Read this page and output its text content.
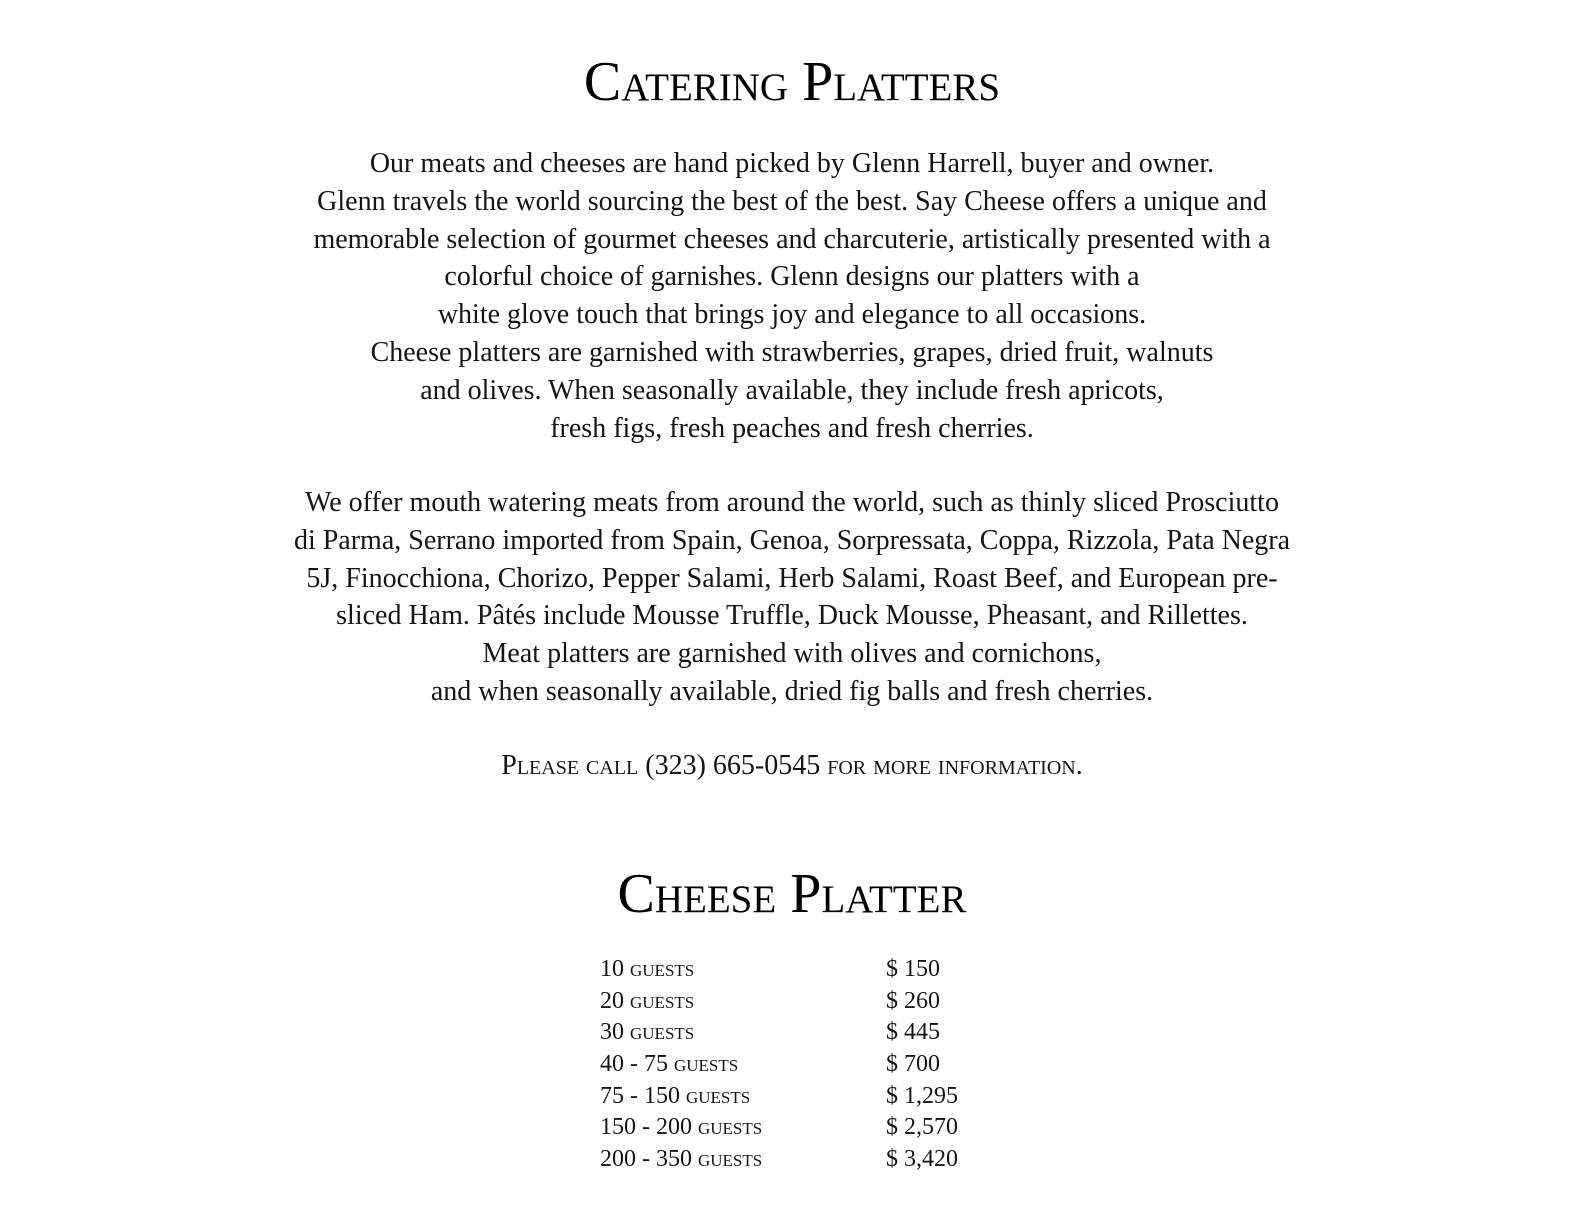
Catering Platters

Our meats and cheeses are hand picked by Glenn Harrell, buyer and owner.
Glenn travels the world sourcing the best of the best. Say Cheese offers a unique and
memorable selection of gourmet cheeses and charcuterie, artistically presented with a
colorful choice of garnishes. Glenn designs our platters with a
white glove touch that brings joy and elegance to all occasions.
Cheese platters are garnished with strawberries, grapes, dried fruit, walnuts
and olives. When seasonally available, they include fresh apricots,
fresh figs, fresh peaches and fresh cherries.

We offer mouth watering meats from around the world, such as thinly sliced Prosciutto
di Parma, Serrano imported from Spain, Genoa, Sorpressata, Coppa, Rizzola, Pata Negra
5J, Finocchiona, Chorizo, Pepper Salami, Herb Salami, Roast Beef, and European pre-
sliced Ham. Pâtés include Mousse Truffle, Duck Mousse, Pheasant, and Rillettes.
Meat platters are garnished with olives and cornichons,
and when seasonally available, dried fig balls and fresh cherries.

Please call (323) 665-0545 for more information.

Cheese Platter
10 guests	$ 150
20 guests	$ 260
30 guests	$ 445
40 - 75 guests	$ 700
75 - 150 guests	$ 1,295
150 - 200 guests	$ 2,570
200 - 350 guests	$ 3,420
